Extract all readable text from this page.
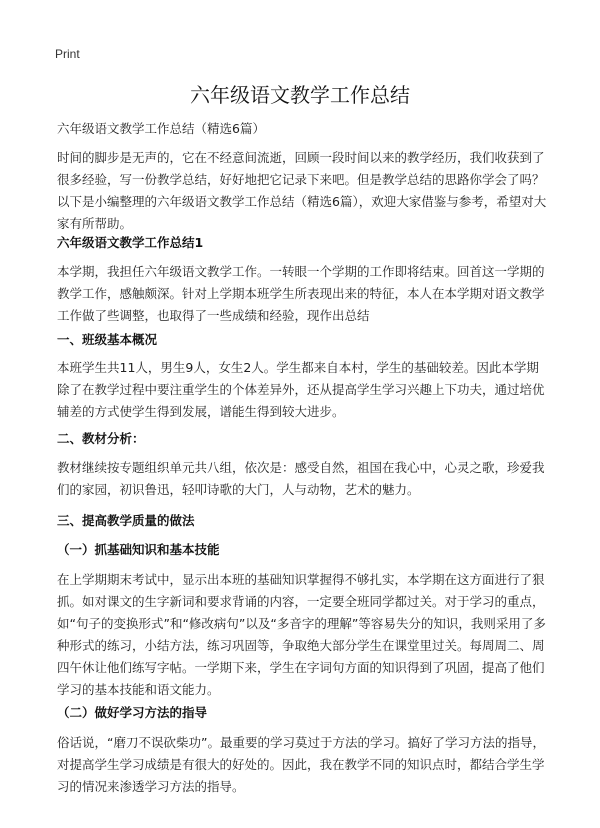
Print
六年级语文教学工作总结

六年级语文教学工作总结（精选6篇）

时间的脚步是无声的，它在不经意间流逝，回顾一段时间以来的教学经历，我们收获到了很多经验，写一份教学总结，好好地把它记录下来吧。但是教学总结的思路你学会了吗？以下是小编整理的六年级语文教学工作总结（精选6篇），欢迎大家借鉴与参考，希望对大家有所帮助。

六年级语文教学工作总结1

本学期，我担任六年级语文教学工作。一转眼一个学期的工作即将结束。回首这一学期的教学工作，感触颇深。针对上学期本班学生所表现出来的特征，本人在本学期对语文教学工作做了些调整，也取得了一些成绩和经验，现作出总结

一、班级基本概况

本班学生共11人，男生9人，女生2人。学生都来自本村，学生的基础较差。因此本学期除了在教学过程中要注重学生的个体差异外，还从提高学生学习兴趣上下功夫，通过培优辅差的方式使学生得到发展，谱能生得到较大进步。

二、教材分析：

教材继续按专题组织单元共八组，依次是：感受自然，祖国在我心中，心灵之歌，珍爱我们的家园，初识鲁迅，轻叩诗歌的大门，人与动物，艺术的魅力。

三、提高教学质量的做法

（一）抓基础知识和基本技能

在上学期期末考试中，显示出本班的基础知识掌握得不够扎实，本学期在这方面进行了狠抓。如对课文的生字新词和要求背诵的内容，一定要全班同学都过关。对于学习的重点，如“句子的变换形式”和“修改病句”以及“多音字的理解”等容易失分的知识，我则采用了多种形式的练习，小结方法，练习巩固等，争取绝大部分学生在课堂里过关。每周周二、周四午休让他们练写字帖。一学期下来，学生在字词句方面的知识得到了巩固，提高了他们学习的基本技能和语文能力。

（二）做好学习方法的指导

俗话说，“磨刀不误砍柴功”。最重要的学习莫过于方法的学习。搞好了学习方法的指导，对提高学生学习成绩是有很大的好处的。因此，我在教学不同的知识点时，都结合学生学习的情况来渗透学习方法的指导。
